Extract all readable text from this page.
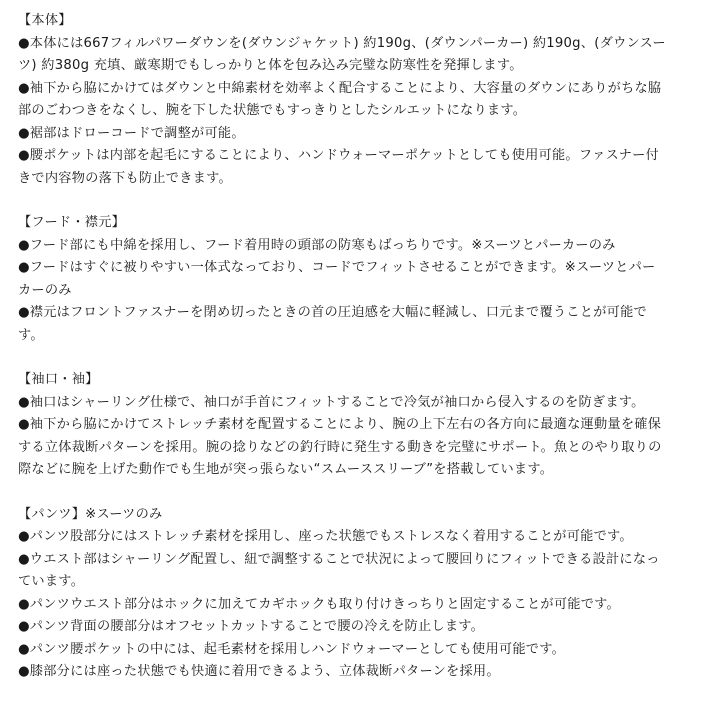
【本体】
●本体には667フィルパワーダウンを(ダウンジャケット) 約190g、(ダウンパーカー) 約190g、(ダウンスー
ツ) 約380g 充填、厳寒期でもしっかりと体を包み込み完璧な防寒性を発揮します。
●袖下から脇にかけてはダウンと中綿素材を効率よく配合することにより、大容量のダウンにありがちな脇
部のごわつきをなくし、腕を下した状態でもすっきりとしたシルエットになります。
●裾部はドローコードで調整が可能。
●腰ポケットは内部を起毛にすることにより、ハンドウォーマーポケットとしても使用可能。ファスナー付
きで内容物の落下も防止できます。
【フード・襟元】
●フード部にも中綿を採用し、フード着用時の頭部の防寒もばっちりです。※スーツとパーカーのみ
●フードはすぐに被りやすい一体式なっており、コードでフィットさせることができます。※スーツとパー
カーのみ
●襟元はフロントファスナーを閉め切ったときの首の圧迫感を大幅に軽減し、口元まで覆うことが可能で
す。
【袖口・袖】
●袖口はシャーリング仕様で、袖口が手首にフィットすることで冷気が袖口から侵入するのを防ぎます。
●袖下から脇にかけてストレッチ素材を配置することにより、腕の上下左右の各方向に最適な運動量を確保
する立体裁断パターンを採用。腕の捻りなどの釣行時に発生する動きを完璧にサポート。魚とのやり取りの
際などに腕を上げた動作でも生地が突っ張らない“スムーススリーブ”を搭載しています。
【パンツ】※スーツのみ
●パンツ股部分にはストレッチ素材を採用し、座った状態でもストレスなく着用することが可能です。
●ウエスト部はシャーリング配置し、紐で調整することで状況によって腰回りにフィットできる設計になっ
ています。
●パンツウエスト部分はホックに加えてカギホックも取り付けきっちりと固定することが可能です。
●パンツ背面の腰部分はオフセットカットすることで腰の冷えを防止します。
●パンツ腰ポケットの中には、起毛素材を採用しハンドウォーマーとしても使用可能です。
●膝部分には座った状態でも快適に着用できるよう、立体裁断パターンを採用。
